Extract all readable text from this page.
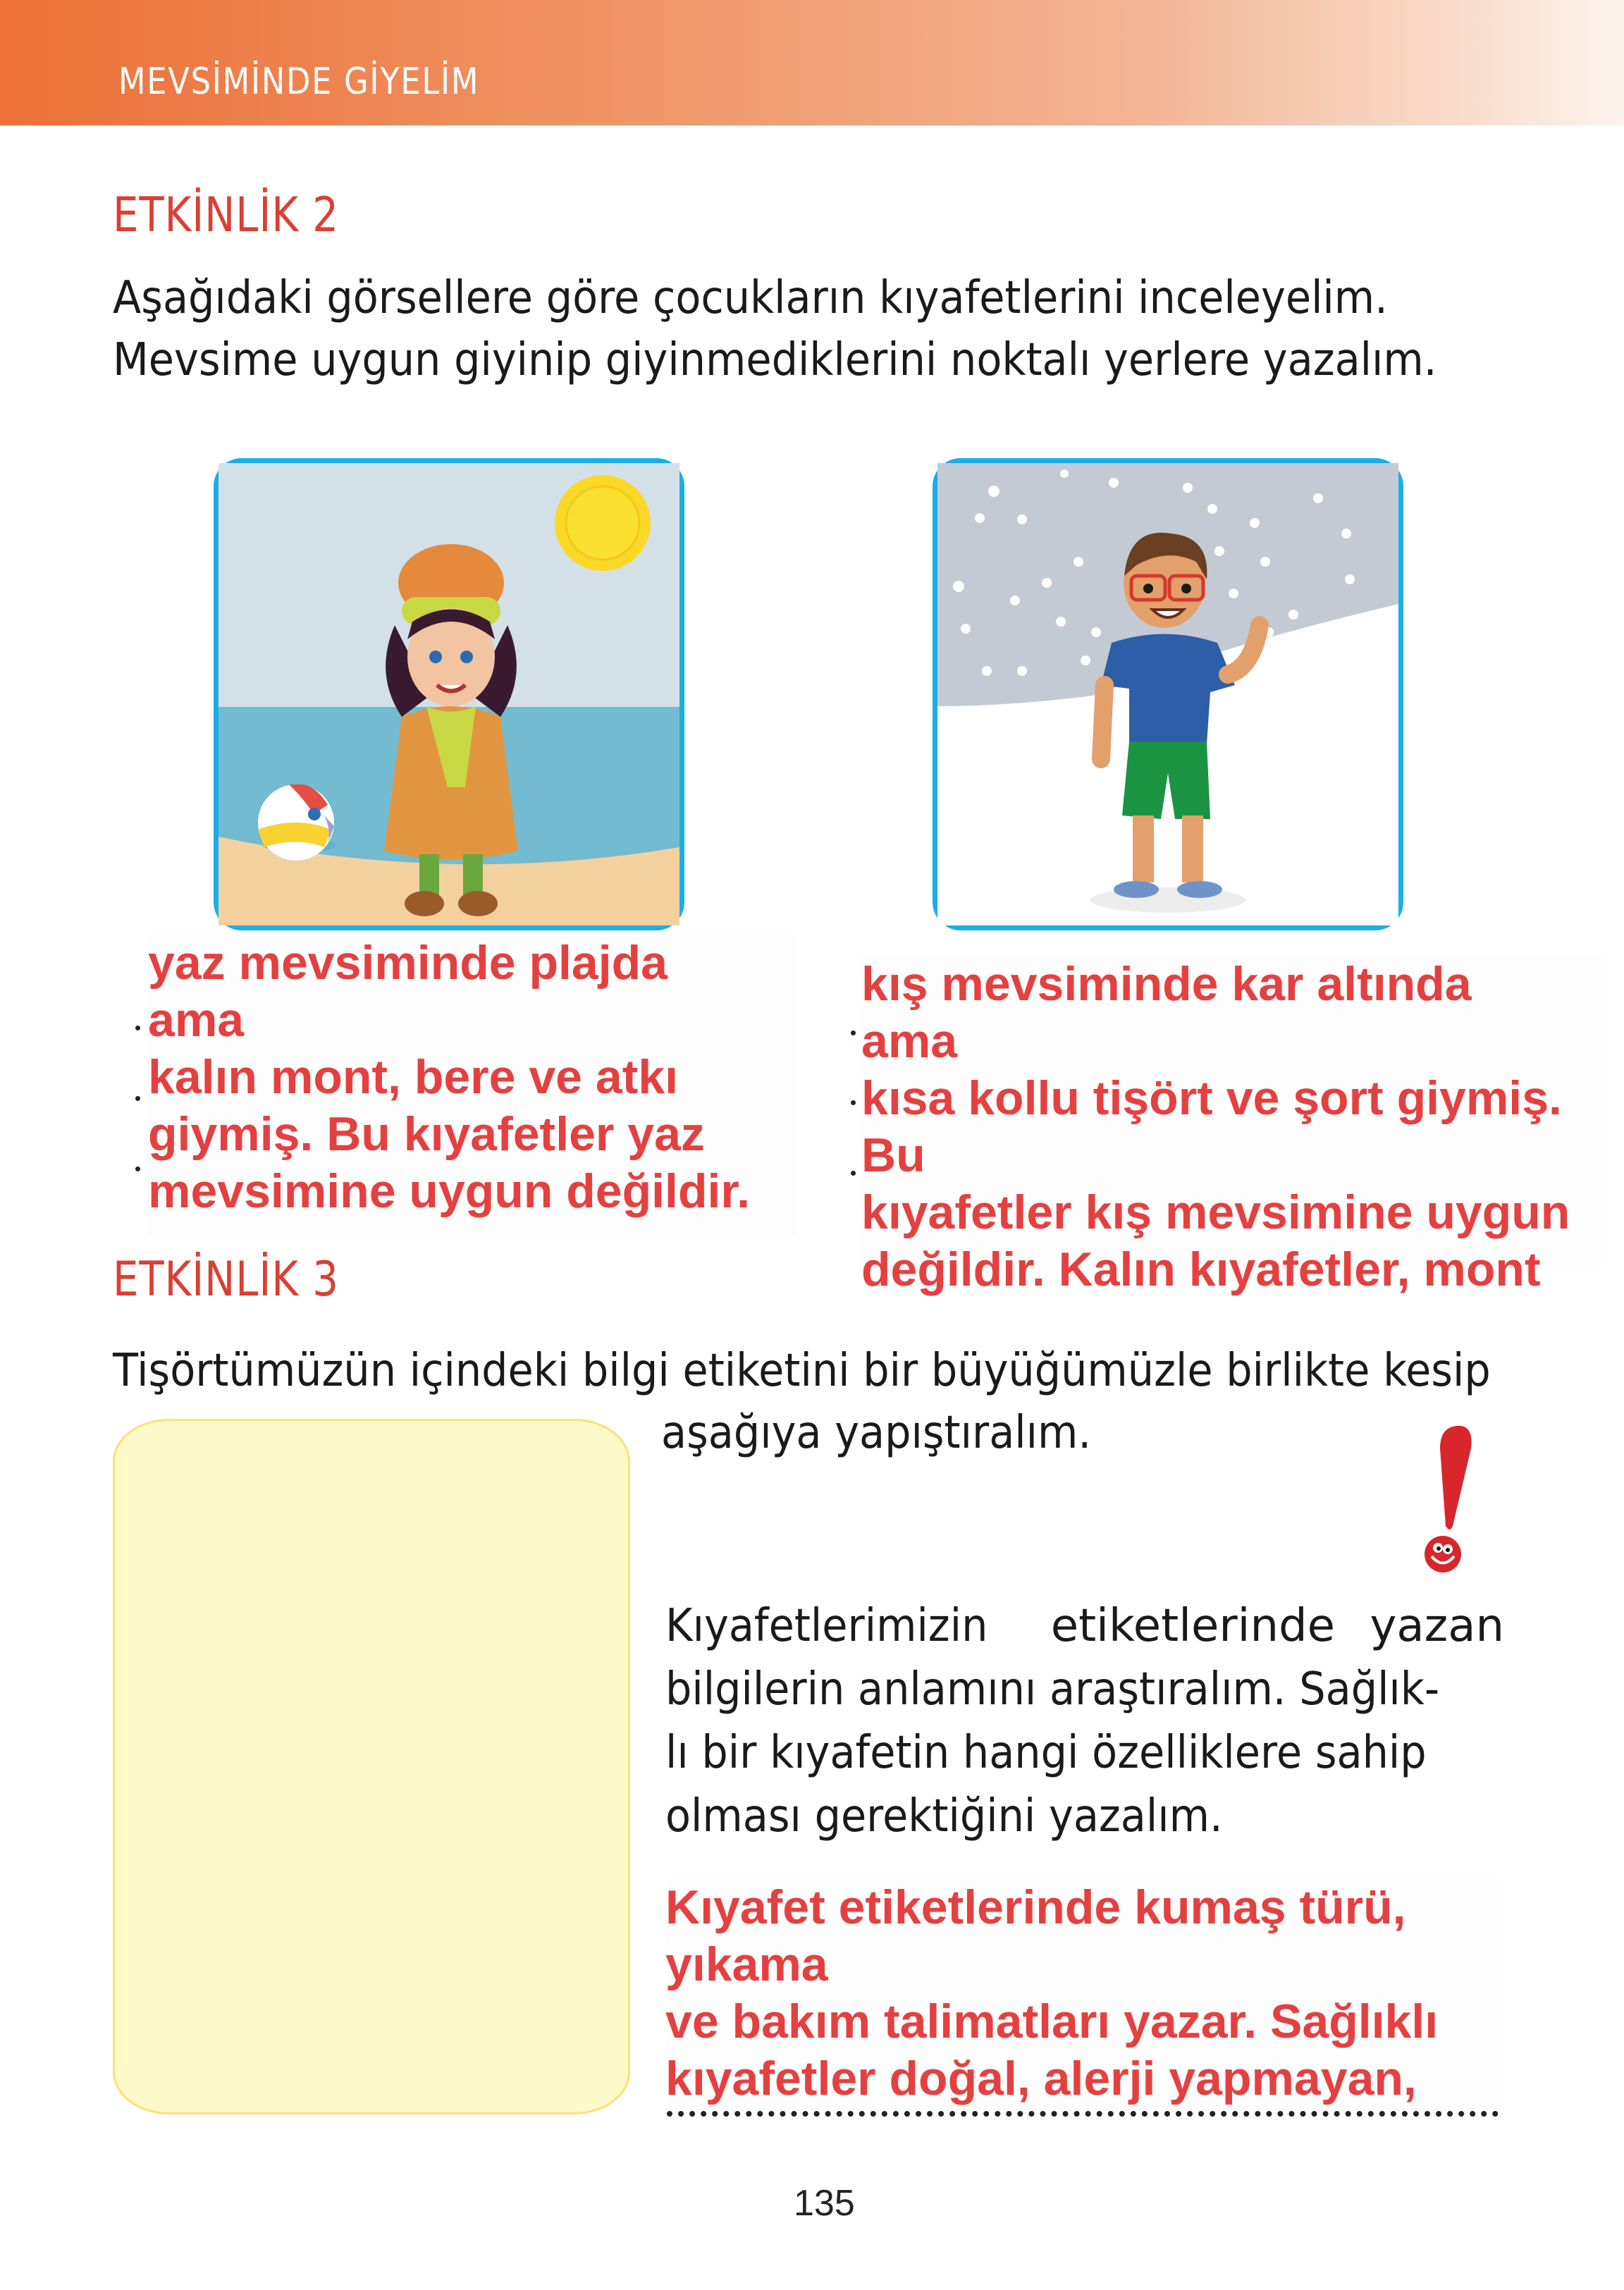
MEVSİMİNDE GİYELİM
ETKİNLİK 2
Aşağıdaki görsellere göre çocukların kıyafetlerini inceleyelim.
Mevsime uygun giyinip giyinmediklerini noktalı yerlere yazalım.

yaz mevsiminde plajda

ama

kalın mont, bere ve atkı

giymiş. Bu kıyafetler yaz

mevsimine uygun değildir.

kış mevsiminde kar altında

ama

kısa kollu tişört ve şort giymiş.

Bu

kıyafetler kış mevsimine uygun

değildir. Kalın kıyafetler, mont

ETKİNLİK 3
Tişörtümüzün içindeki bilgi etiketini bir büyüğümüzle birlikte kesip
aşağıya yapıştıralım.
Kıyafetlerimizin etiketlerinde yazan
bilgilerin anlamını araştıralım. Sağlık-
lı bir kıyafetin hangi özelliklere sahip
olması gerektiğini yazalım.

Kıyafet etiketlerinde kumaş türü,

yıkama

ve bakım talimatları yazar. Sağlıklı

kıyafetler doğal, alerji yapmayan,

135
